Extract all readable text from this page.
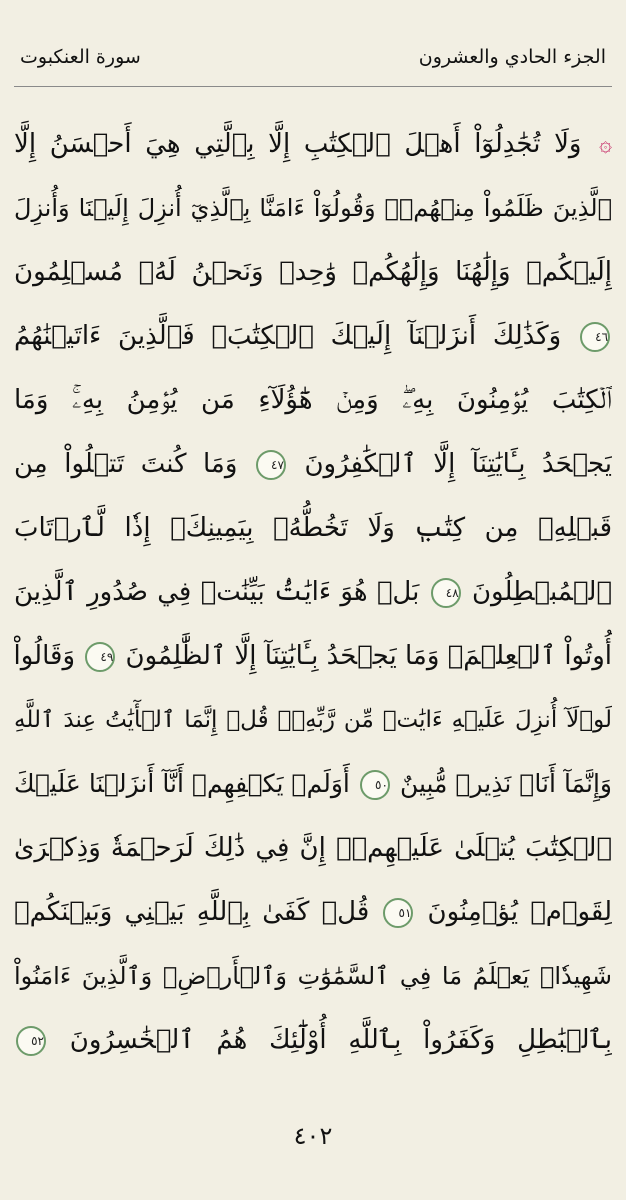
الجزء الحادي والعشرون
سورة العنكبوت
۞ وَلَا تُجَٰدِلُوٓاْ أَهۡلَ ٱلۡكِتَٰبِ إِلَّا بِٱلَّتِي هِيَ أَحۡسَنُ إِلَّا
ٱلَّذِينَ ظَلَمُواْ مِنۡهُمۡۖ وَقُولُوٓاْ ءَامَنَّا بِٱلَّذِيٓ أُنزِلَ إِلَيۡنَا وَأُنزِلَ
إِلَيۡكُمۡ وَإِلَٰهُنَا وَإِلَٰهُكُمۡ وَٰحِدٞ وَنَحۡنُ لَهُۥ مُسۡلِمُونَ
٤٦ وَكَذَٰلِكَ أَنزَلۡنَآ إِلَيۡكَ ٱلۡكِتَٰبَۚ فَٱلَّذِينَ ءَاتَيۡنَٰهُمُ
ٱلۡكِتَٰبَ يُؤۡمِنُونَ بِهِۦۖ وَمِنۡ هَٰٓؤُلَآءِ مَن يُؤۡمِنُ بِهِۦۚ وَمَا
يَجۡحَدُ بِـَٔايَٰتِنَآ إِلَّا ٱلۡكَٰفِرُونَ ٤٧ وَمَا كُنتَ تَتۡلُواْ مِن
قَبۡلِهِۦ مِن كِتَٰبٖ وَلَا تَخُطُّهُۥ بِيَمِينِكَۖ إِذٗا لَّٱرۡتَابَ
ٱلۡمُبۡطِلُونَ ٤٨ بَلۡ هُوَ ءَايَٰتُۢ بَيِّنَٰتٞ فِي صُدُورِ ٱلَّذِينَ
أُوتُواْ ٱلۡعِلۡمَۚ وَمَا يَجۡحَدُ بِـَٔايَٰتِنَآ إِلَّا ٱلظَّٰلِمُونَ ٤٩ وَقَالُواْ
لَوۡلَآ أُنزِلَ عَلَيۡهِ ءَايَٰتٞ مِّن رَّبِّهِۦۖ قُلۡ إِنَّمَا ٱلۡأٓيَٰتُ عِندَ ٱللَّهِ
وَإِنَّمَآ أَنَا۠ نَذِيرٞ مُّبِينٌ ٥٠ أَوَلَمۡ يَكۡفِهِمۡ أَنَّآ أَنزَلۡنَا عَلَيۡكَ
ٱلۡكِتَٰبَ يُتۡلَىٰ عَلَيۡهِمۡۚ إِنَّ فِي ذَٰلِكَ لَرَحۡمَةٗ وَذِكۡرَىٰ
لِقَوۡمٖ يُؤۡمِنُونَ ٥١ قُلۡ كَفَىٰ بِٱللَّهِ بَيۡنِي وَبَيۡنَكُمۡ
شَهِيدٗاۖ يَعۡلَمُ مَا فِي ٱلسَّمَٰوَٰتِ وَٱلۡأَرۡضِۗ وَٱلَّذِينَ ءَامَنُواْ
بِٱلۡبَٰطِلِ وَكَفَرُواْ بِٱللَّهِ أُوْلَٰٓئِكَ هُمُ ٱلۡخَٰسِرُونَ ٥٢
٤٠٢
